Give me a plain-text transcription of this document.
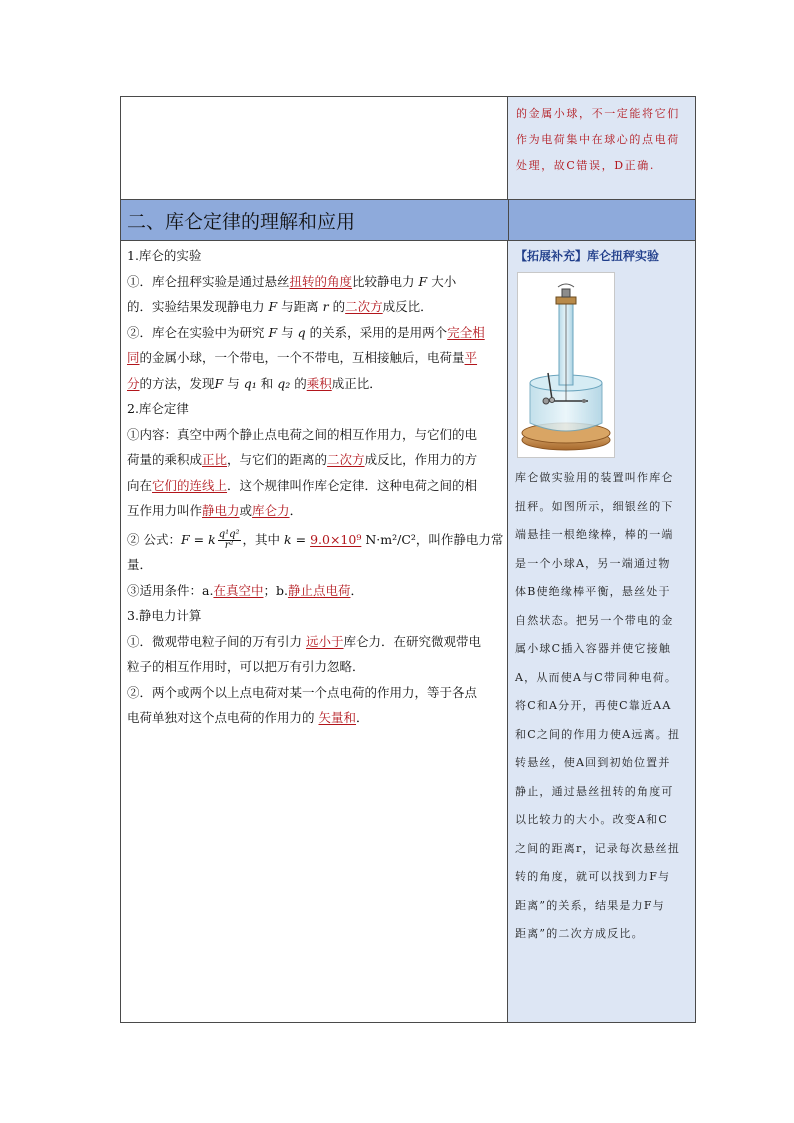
的金属小球，不一定能将它们
作为电荷集中在球心的点电荷
处理，故C错误，D正确.
二、库仑定律的理解和应用
1.库仑的实验
①．库仑扭秤实验是通过悬丝扭转的角度比较静电力 F 大小
的．实验结果发现静电力 F 与距离 r 的二次方成反比．
②．库仑在实验中为研究 F 与 q 的关系，采用的是用两个完全相
同的金属小球，一个带电，一个不带电，互相接触后，电荷量平
分的方法，发现F 与 q₁ 和 q₂ 的乘积成正比．
2.库仑定律
①内容：真空中两个静止点电荷之间的相互作用力，与它们的电
荷量的乘积成正比，与它们的距离的二次方成反比，作用力的方
向在它们的连线上．这个规律叫作库仑定律．这种电荷之间的相
互作用力叫作静电力或库仑力．
② 公式：F = k $\frac{\text{q¹q²}}{\text{r²}}$ ，其中 k = 9.0×10⁹ N·m²/C²，叫作静电力常
量．
③适用条件：a.在真空中；b.静止点电荷．
3.静电力计算
①．微观带电粒子间的万有引力 远小于库仑力．在研究微观带电
粒子的相互作用时，可以把万有引力忽略．
②．两个或两个以上点电荷对某一个点电荷的作用力，等于各点
电荷单独对这个点电荷的作用力的 矢量和．
【拓展补充】库仑扭秤实验
库仑做实验用的装置叫作库仑
扭秤。如图所示，细银丝的下
端悬挂一根绝缘棒，棒的一端
是一个小球A，另一端通过物
体B使绝缘棒平衡，悬丝处于
自然状态。把另一个带电的金
属小球C插入容器并使它接触
A，从而使A与C带同种电荷。
将C和A分开，再使C靠近AA
和C之间的作用力使A远离。扭
转悬丝，使A回到初始位置并
静止，通过悬丝扭转的角度可
以比较力的大小。改变A和C
之间的距离r，记录每次悬丝扭
转的角度，就可以找到力F与
距离”的关系，结果是力F与
距离”的二次方成反比。
